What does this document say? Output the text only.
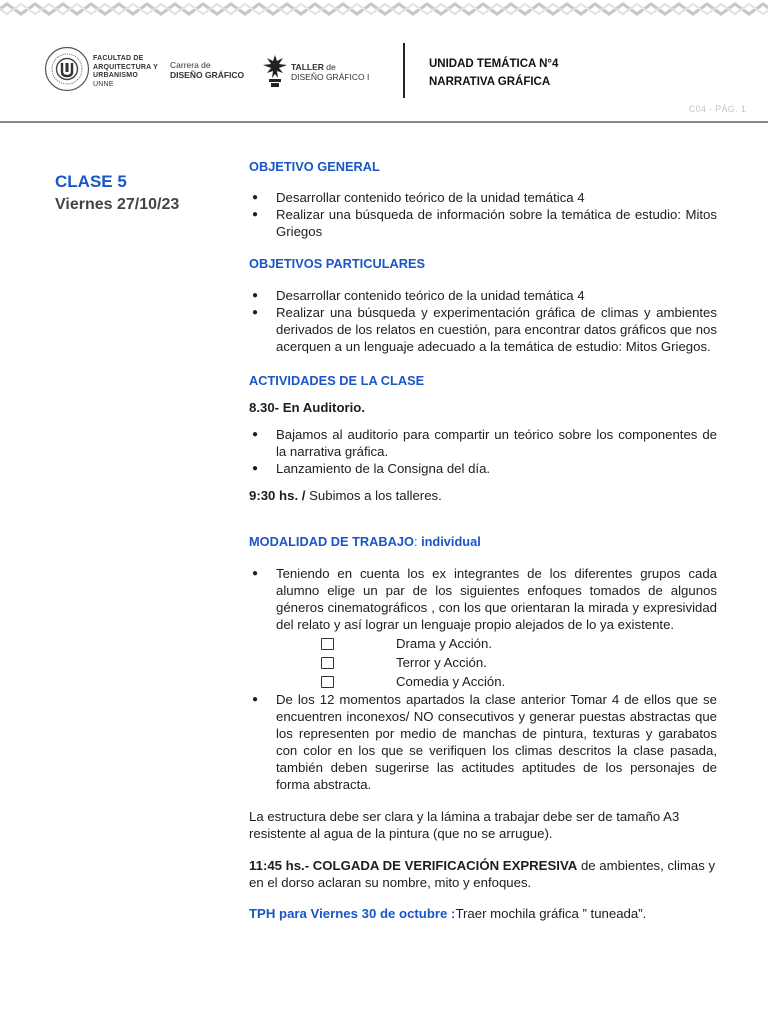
FACULTAD DE
ARQUITECTURA Y
URBANISMO
UNNE
Carrera de
DISEÑO GRÁFICO
TALLER de
DISEÑO GRÁFICO I
UNIDAD TEMÁTICA N°4
NARRATIVA GRÁFICA
C04 - PÁG. 1
CLASE 5
Viernes 27/10/23
OBJETIVO GENERAL
● Desarrollar contenido teórico de la unidad temática 4
● Realizar una búsqueda de información sobre la temática de estudio: Mitos Griegos
OBJETIVOS PARTICULARES
● Desarrollar contenido teórico de la unidad temática 4
● Realizar una búsqueda y experimentación gráfica de climas y ambientes derivados de los relatos en cuestión, para encontrar datos gráficos que nos acerquen a un lenguaje adecuado a la temática de estudio: Mitos Griegos.
ACTIVIDADES DE LA CLASE

8.30- En Auditorio.

● Bajamos al auditorio para compartir un teórico sobre los componentes de la narrativa gráfica.
● Lanzamiento de la Consigna del día.

9:30 hs. / Subimos a los talleres.

MODALIDAD DE TRABAJO: individual

● Teniendo en cuenta los ex integrantes de los diferentes grupos cada alumno elige un par de los siguientes enfoques tomados de algunos géneros cinematográficos , con los que orientaran la mirada y expresividad del relato y así lograr un lenguaje propio alejados de lo ya existente.
Drama y Acción.
Terror y Acción.
Comedia y Acción.
● De los 12 momentos apartados la clase anterior Tomar 4 de ellos que se encuentren inconexos/ NO consecutivos y generar puestas abstractas que los representen por medio de manchas de pintura, texturas y garabatos con color en los que se verifiquen los climas descritos la clase pasada, también deben sugerirse las actitudes aptitudes de los personajes de forma abstracta.

La estructura debe ser clara y la lámina a trabajar debe ser de tamaño A3 resistente al agua de la pintura (que no se arrugue).

11:45 hs.- COLGADA DE VERIFICACIÓN EXPRESIVA de ambientes, climas y en el dorso aclaran su nombre, mito y enfoques.

TPH para Viernes 30 de octubre :Traer mochila gráfica ” tuneada”.
